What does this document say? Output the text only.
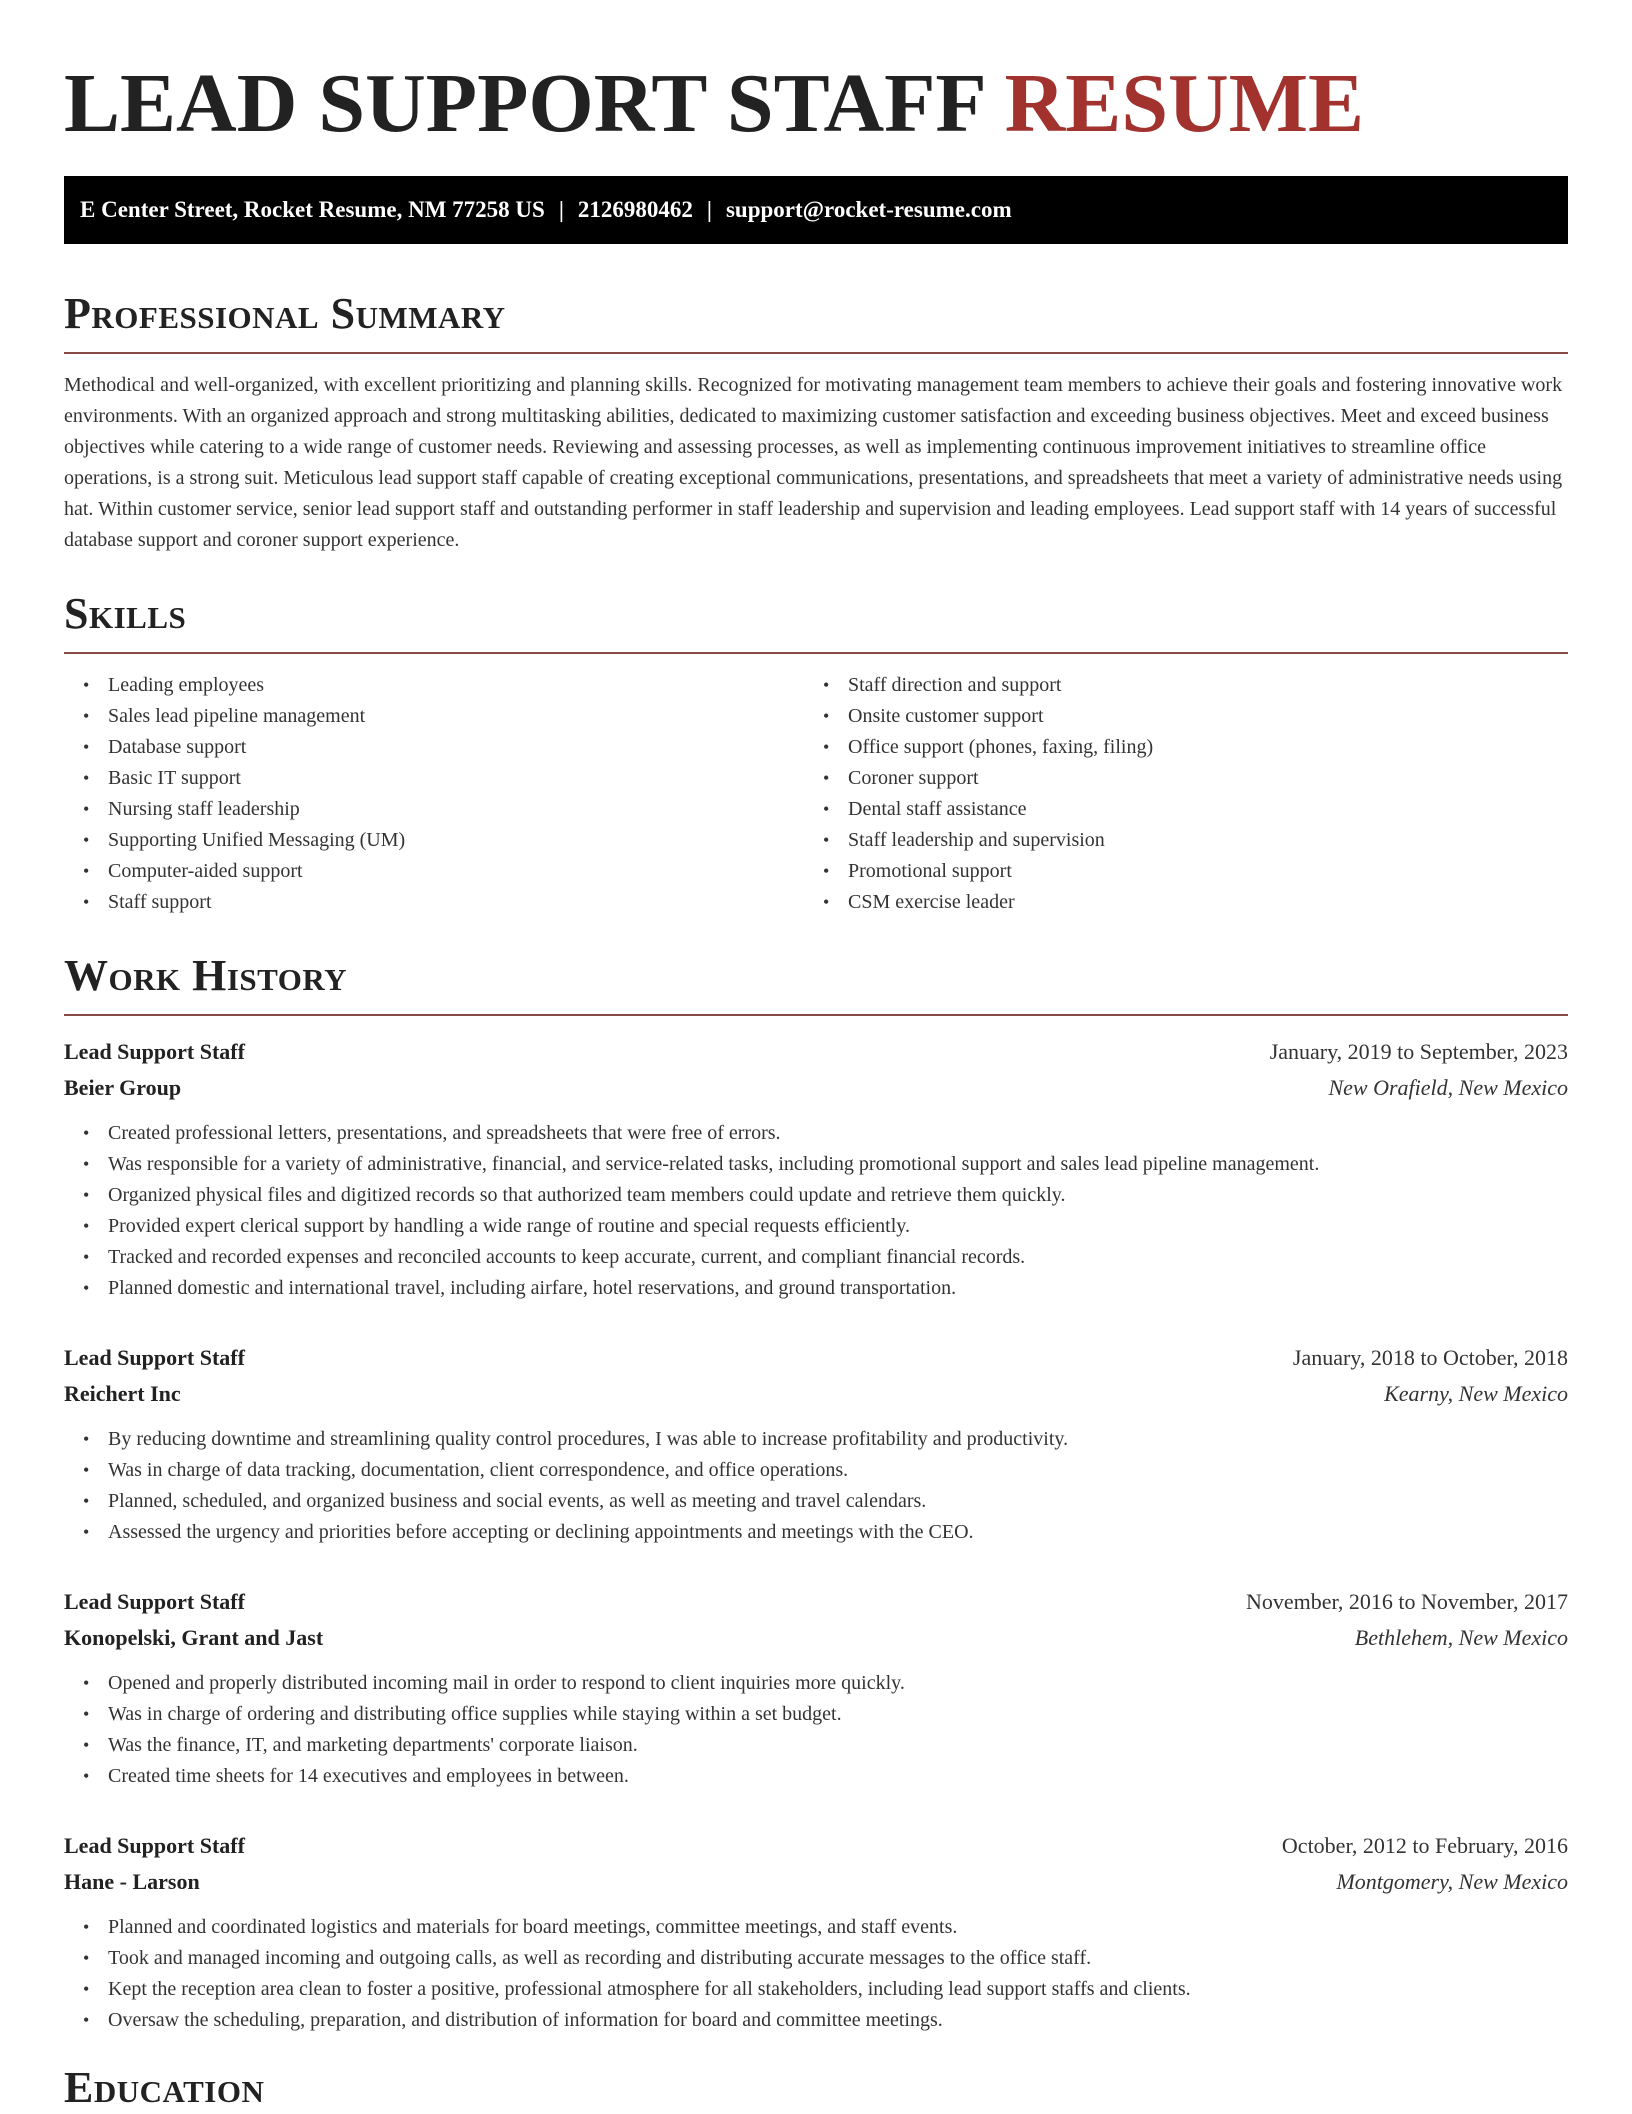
LEAD SUPPORT STAFF RESUME
E Center Street, Rocket Resume, NM 77258 US | 2126980462 | support@rocket-resume.com
Professional Summary

Methodical and well-organized, with excellent prioritizing and planning skills. Recognized for motivating management team members to achieve their goals and fostering innovative work environments. With an organized approach and strong multitasking abilities, dedicated to maximizing customer satisfaction and exceeding business objectives. Meet and exceed business objectives while catering to a wide range of customer needs. Reviewing and assessing processes, as well as implementing continuous improvement initiatives to streamline office operations, is a strong suit. Meticulous lead support staff capable of creating exceptional communications, presentations, and spreadsheets that meet a variety of administrative needs using hat. Within customer service, senior lead support staff and outstanding performer in staff leadership and supervision and leading employees. Lead support staff with 14 years of successful database support and coroner support experience.

Skills
• Leading employees
• Sales lead pipeline management
• Database support
• Basic IT support
• Nursing staff leadership
• Supporting Unified Messaging (UM)
• Computer-aided support
• Staff support
• Staff direction and support
• Onsite customer support
• Office support (phones, faxing, filing)
• Coroner support
• Dental staff assistance
• Staff leadership and supervision
• Promotional support
• CSM exercise leader
Work History
Lead Support Staff	January, 2019 to September, 2023
Beier Group	New Orafield, New Mexico
• Created professional letters, presentations, and spreadsheets that were free of errors.
• Was responsible for a variety of administrative, financial, and service-related tasks, including promotional support and sales lead pipeline management.
• Organized physical files and digitized records so that authorized team members could update and retrieve them quickly.
• Provided expert clerical support by handling a wide range of routine and special requests efficiently.
• Tracked and recorded expenses and reconciled accounts to keep accurate, current, and compliant financial records.
• Planned domestic and international travel, including airfare, hotel reservations, and ground transportation.
Lead Support Staff	January, 2018 to October, 2018
Reichert Inc	Kearny, New Mexico
• By reducing downtime and streamlining quality control procedures, I was able to increase profitability and productivity.
• Was in charge of data tracking, documentation, client correspondence, and office operations.
• Planned, scheduled, and organized business and social events, as well as meeting and travel calendars.
• Assessed the urgency and priorities before accepting or declining appointments and meetings with the CEO.
Lead Support Staff	November, 2016 to November, 2017
Konopelski, Grant and Jast	Bethlehem, New Mexico
• Opened and properly distributed incoming mail in order to respond to client inquiries more quickly.
• Was in charge of ordering and distributing office supplies while staying within a set budget.
• Was the finance, IT, and marketing departments' corporate liaison.
• Created time sheets for 14 executives and employees in between.
Lead Support Staff	October, 2012 to February, 2016
Hane - Larson	Montgomery, New Mexico
• Planned and coordinated logistics and materials for board meetings, committee meetings, and staff events.
• Took and managed incoming and outgoing calls, as well as recording and distributing accurate messages to the office staff.
• Kept the reception area clean to foster a positive, professional atmosphere for all stakeholders, including lead support staffs and clients.
• Oversaw the scheduling, preparation, and distribution of information for board and committee meetings.
Education
